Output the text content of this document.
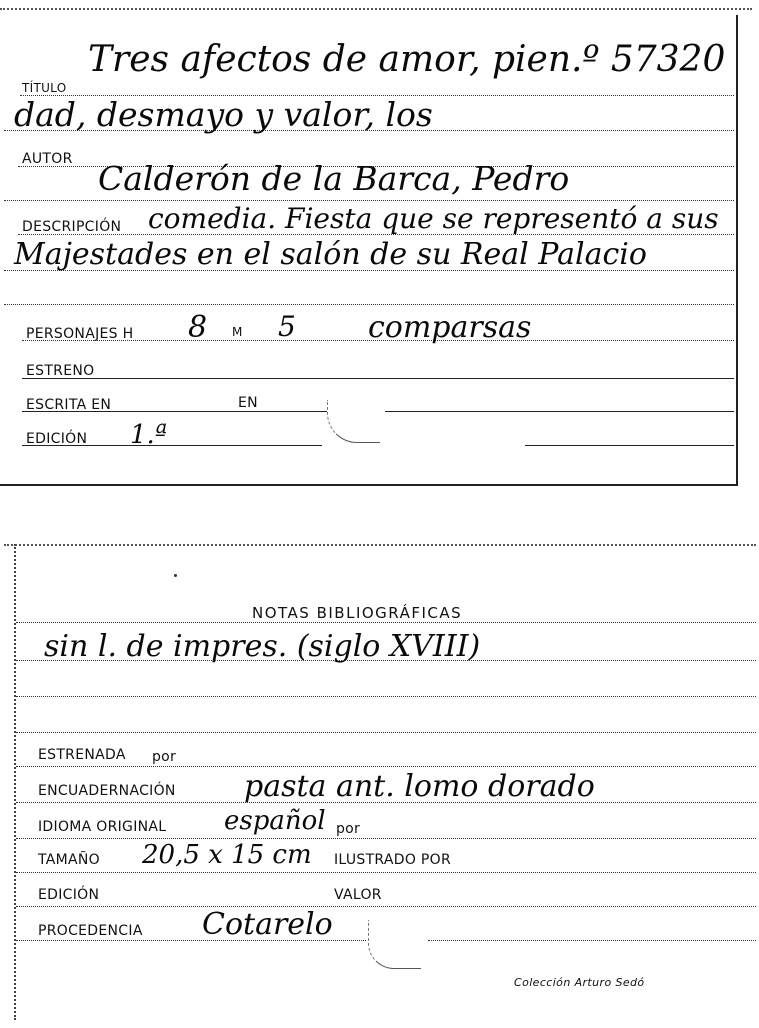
TÍTULO
Tres afectos de amor, pien.º 57320
dad, desmayo y valor, los
AUTOR Calderón de la Barca, Pedro
DESCRIPCIÓN comedia. Fiesta que se representó a sus
Majestades en el salón de su Real Palacio
PERSONAJES H 8 M 5 comparsas
ESTRENO
ESCRITA EN	EN
EDICIÓN 1.ª
NOTAS BIBLIOGRÁFICAS
sin l. de impres. (siglo XVIII)
ESTRENADA por
ENCUADERNACIÓN pasta ant. lomo dorado
IDIOMA ORIGINAL español por
TAMAÑO 20,5 x 15 cm ILUSTRADO POR
EDICIÓN	VALOR
PROCEDENCIA Cotarelo
Colección Arturo Sedó
